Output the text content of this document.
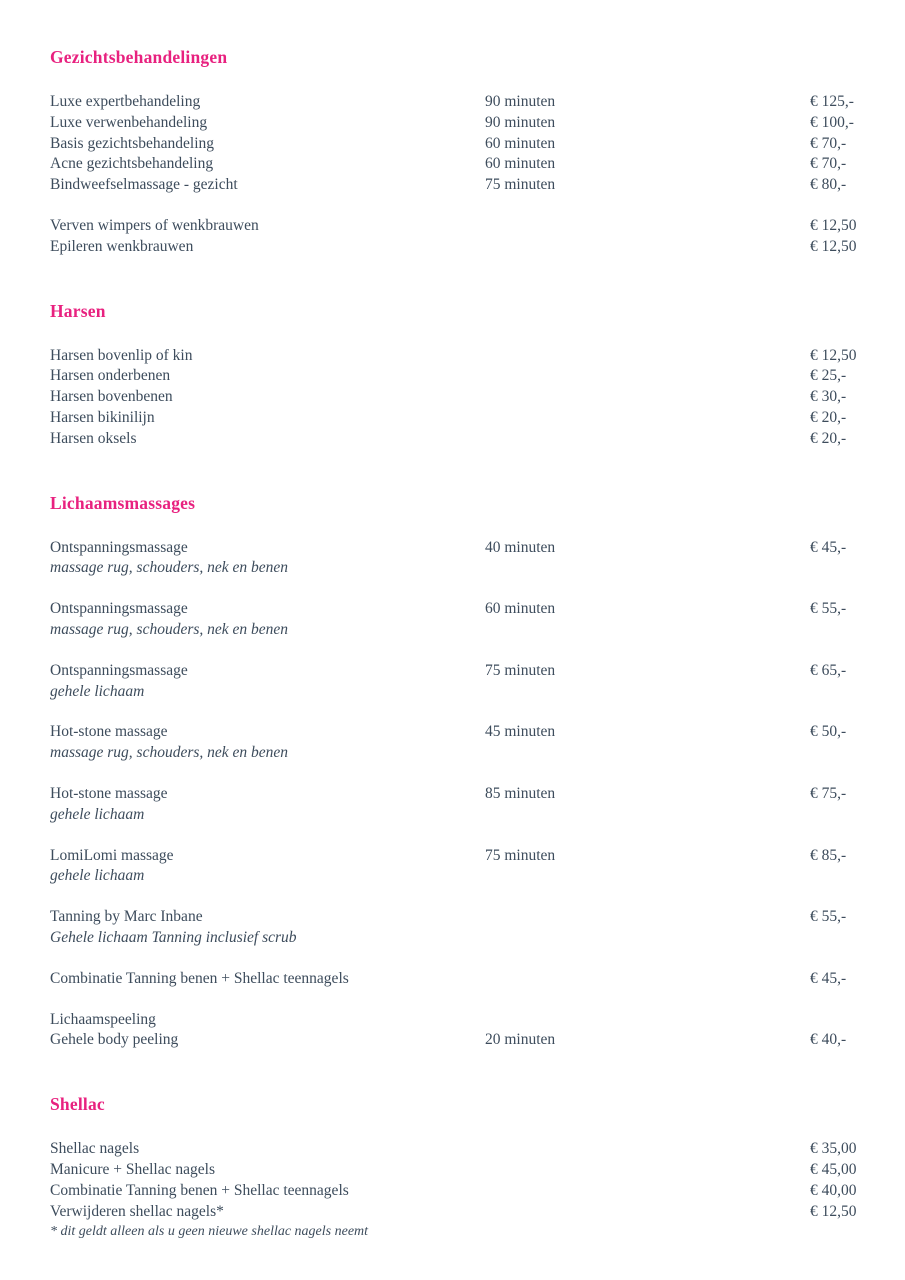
Gezichtsbehandelingen
Luxe expertbehandeling	90 minuten	€ 125,-
Luxe verwenbehandeling	90 minuten	€ 100,-
Basis gezichtsbehandeling	60 minuten	€ 70,-
Acne gezichtsbehandeling	60 minuten	€ 70,-
Bindweefselmassage - gezicht	75 minuten	€ 80,-
Verven wimpers of wenkbrauwen	€ 12,50
Epileren wenkbrauwen	€ 12,50
Harsen
Harsen bovenlip of kin	€ 12,50
Harsen onderbenen	€ 25,-
Harsen bovenbenen	€ 30,-
Harsen bikinilijn	€ 20,-
Harsen oksels	€ 20,-
Lichaamsmassages
Ontspanningsmassage	40 minuten	€ 45,-
massage rug, schouders, nek en benen
Ontspanningsmassage	60 minuten	€ 55,-
massage rug, schouders, nek en benen
Ontspanningsmassage	75 minuten	€ 65,-
gehele lichaam
Hot-stone massage	45 minuten	€ 50,-
massage rug, schouders, nek en benen
Hot-stone massage	85 minuten	€ 75,-
gehele lichaam
LomiLomi massage	75 minuten	€ 85,-
gehele lichaam
Tanning by Marc Inbane	€ 55,-
Gehele lichaam Tanning inclusief scrub
Combinatie Tanning benen + Shellac teennagels	€ 45,-
Lichaamspeeling
Gehele body peeling	20 minuten	€ 40,-
Shellac
Shellac nagels	€ 35,00
Manicure + Shellac nagels	€ 45,00
Combinatie Tanning benen + Shellac teennagels	€ 40,00
Verwijderen shellac nagels*	€ 12,50
* dit geldt alleen als u geen nieuwe shellac nagels neemt
